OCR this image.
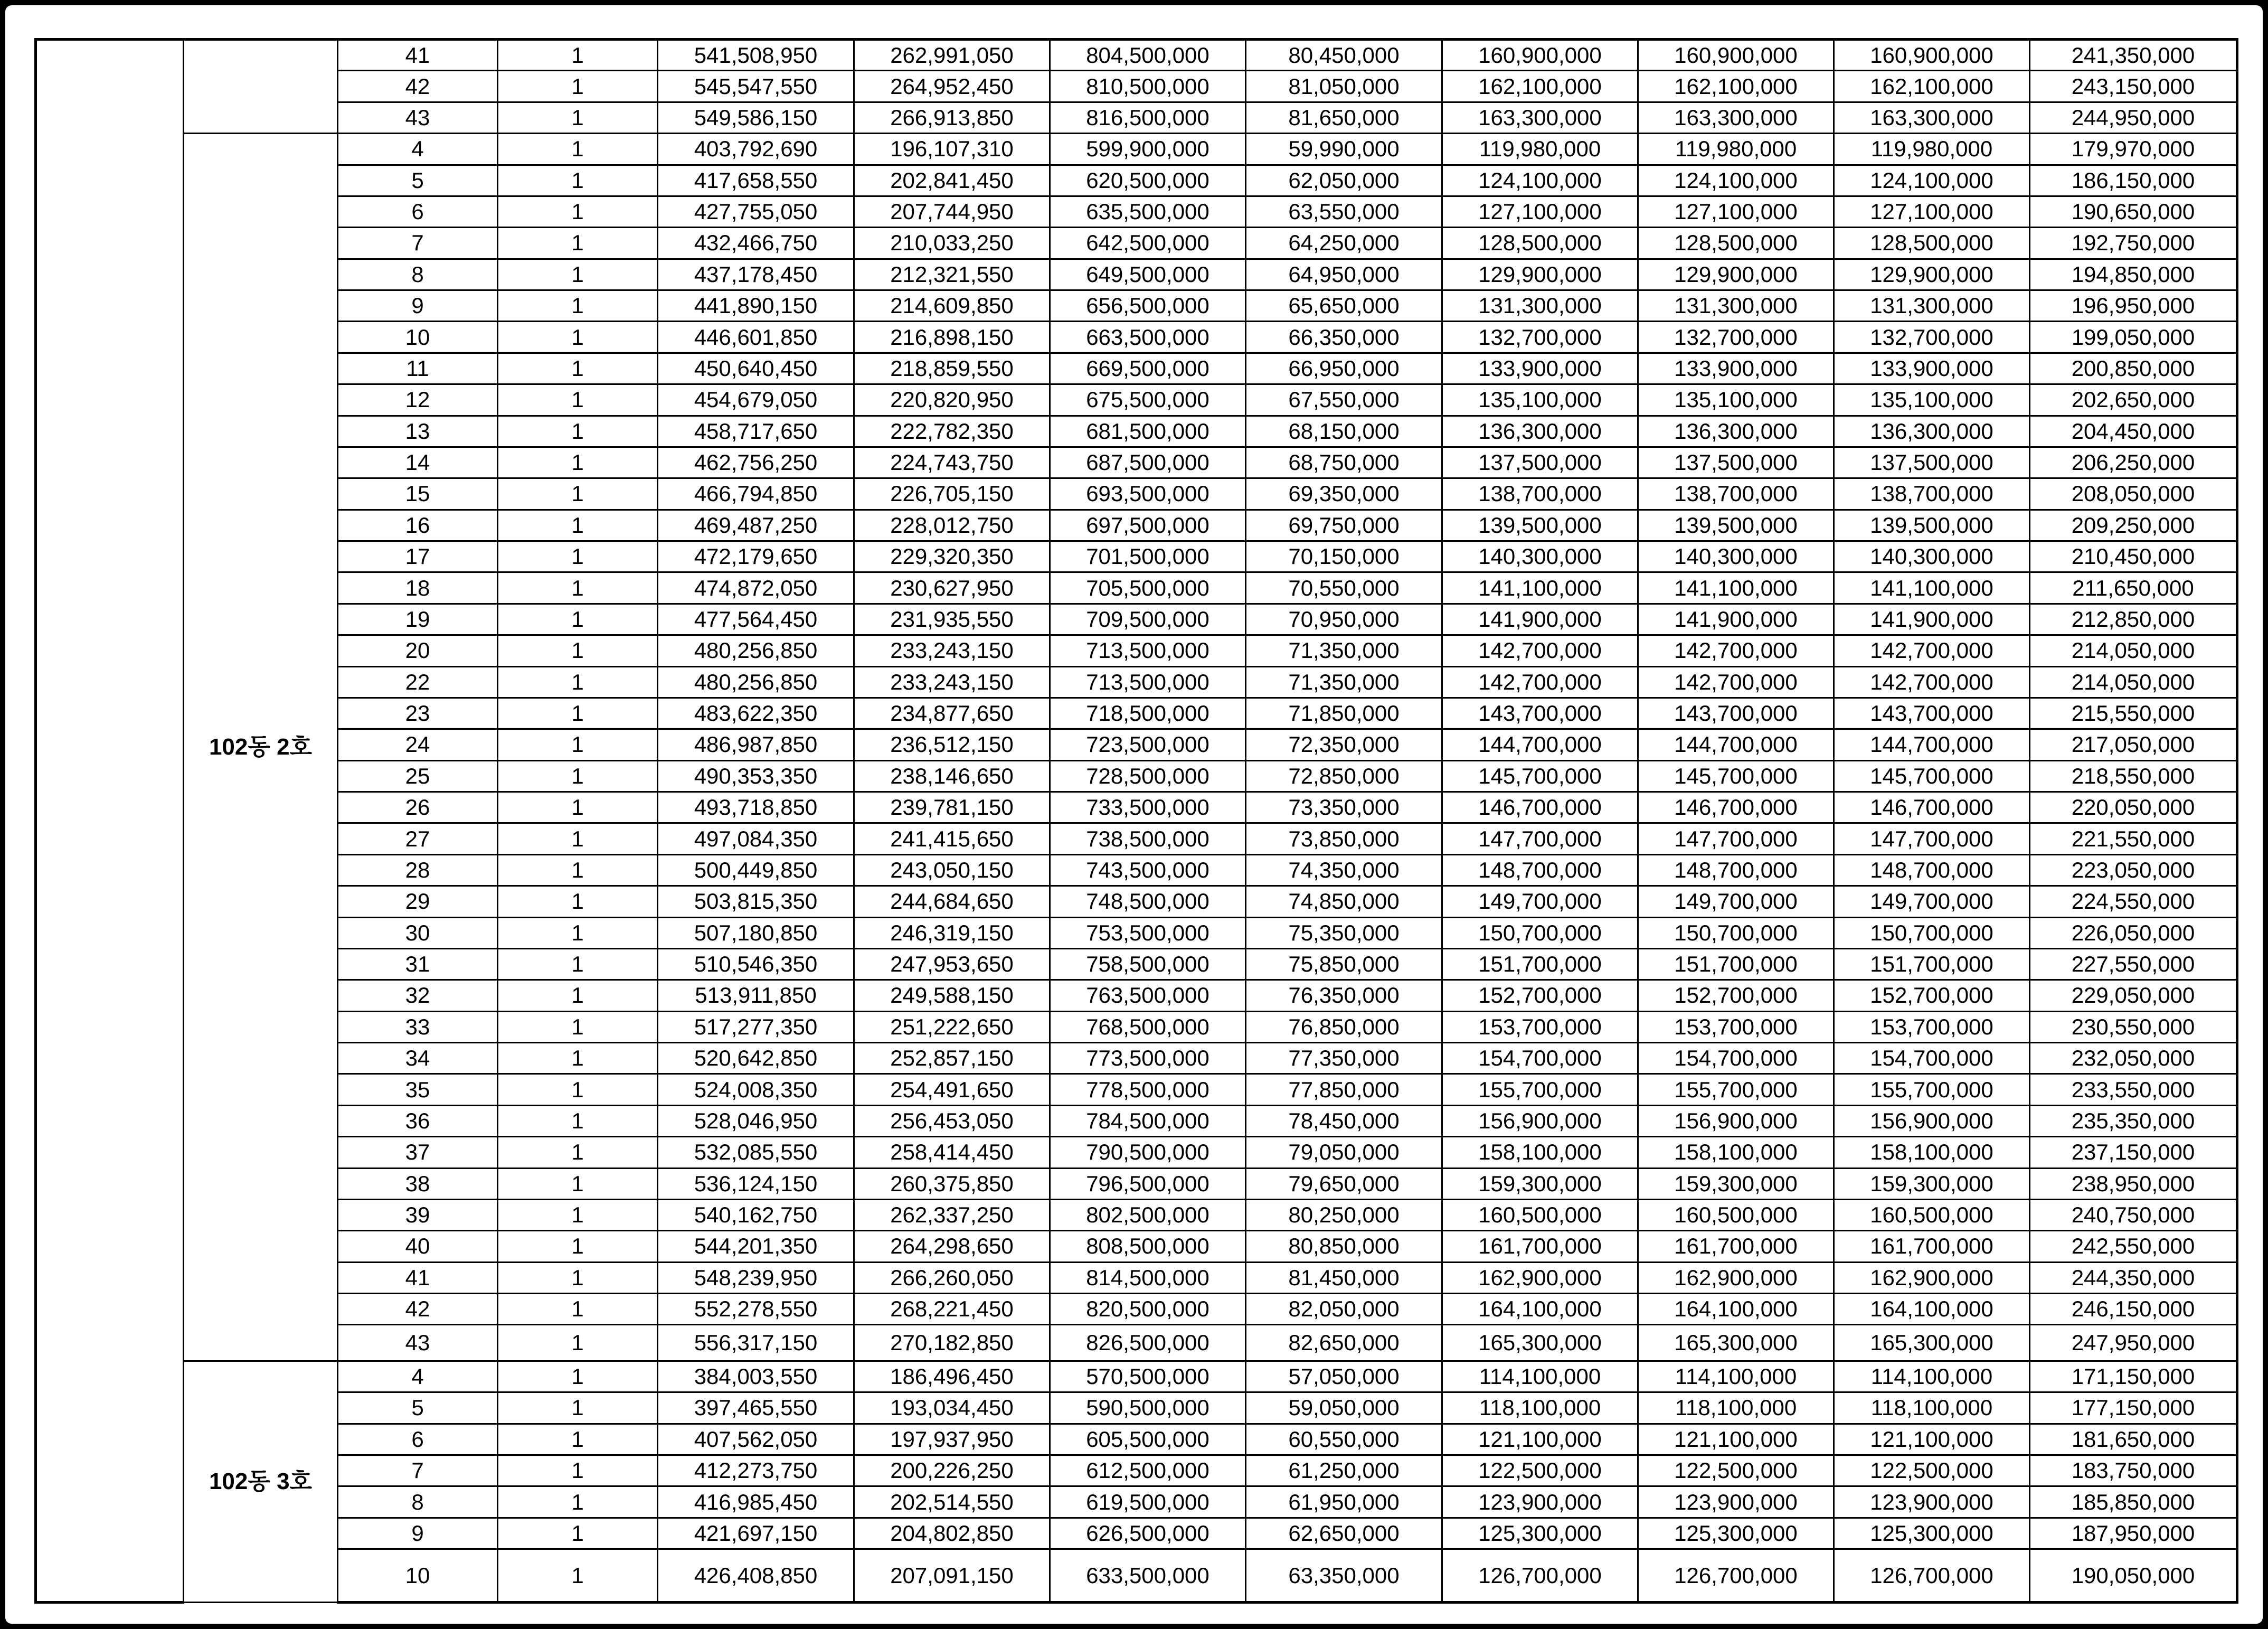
		41	1	541,508,950	262,991,050	804,500,000	80,450,000	160,900,000	160,900,000	160,900,000	241,350,000
		42	1	545,547,550	264,952,450	810,500,000	81,050,000	162,100,000	162,100,000	162,100,000	243,150,000
		43	1	549,586,150	266,913,850	816,500,000	81,650,000	163,300,000	163,300,000	163,300,000	244,950,000
	102동 2호	4	1	403,792,690	196,107,310	599,900,000	59,990,000	119,980,000	119,980,000	119,980,000	179,970,000
		5	1	417,658,550	202,841,450	620,500,000	62,050,000	124,100,000	124,100,000	124,100,000	186,150,000
		6	1	427,755,050	207,744,950	635,500,000	63,550,000	127,100,000	127,100,000	127,100,000	190,650,000
		7	1	432,466,750	210,033,250	642,500,000	64,250,000	128,500,000	128,500,000	128,500,000	192,750,000
		8	1	437,178,450	212,321,550	649,500,000	64,950,000	129,900,000	129,900,000	129,900,000	194,850,000
		9	1	441,890,150	214,609,850	656,500,000	65,650,000	131,300,000	131,300,000	131,300,000	196,950,000
		10	1	446,601,850	216,898,150	663,500,000	66,350,000	132,700,000	132,700,000	132,700,000	199,050,000
		11	1	450,640,450	218,859,550	669,500,000	66,950,000	133,900,000	133,900,000	133,900,000	200,850,000
		12	1	454,679,050	220,820,950	675,500,000	67,550,000	135,100,000	135,100,000	135,100,000	202,650,000
		13	1	458,717,650	222,782,350	681,500,000	68,150,000	136,300,000	136,300,000	136,300,000	204,450,000
		14	1	462,756,250	224,743,750	687,500,000	68,750,000	137,500,000	137,500,000	137,500,000	206,250,000
		15	1	466,794,850	226,705,150	693,500,000	69,350,000	138,700,000	138,700,000	138,700,000	208,050,000
		16	1	469,487,250	228,012,750	697,500,000	69,750,000	139,500,000	139,500,000	139,500,000	209,250,000
		17	1	472,179,650	229,320,350	701,500,000	70,150,000	140,300,000	140,300,000	140,300,000	210,450,000
		18	1	474,872,050	230,627,950	705,500,000	70,550,000	141,100,000	141,100,000	141,100,000	211,650,000
		19	1	477,564,450	231,935,550	709,500,000	70,950,000	141,900,000	141,900,000	141,900,000	212,850,000
		20	1	480,256,850	233,243,150	713,500,000	71,350,000	142,700,000	142,700,000	142,700,000	214,050,000
		22	1	480,256,850	233,243,150	713,500,000	71,350,000	142,700,000	142,700,000	142,700,000	214,050,000
		23	1	483,622,350	234,877,650	718,500,000	71,850,000	143,700,000	143,700,000	143,700,000	215,550,000
		24	1	486,987,850	236,512,150	723,500,000	72,350,000	144,700,000	144,700,000	144,700,000	217,050,000
		25	1	490,353,350	238,146,650	728,500,000	72,850,000	145,700,000	145,700,000	145,700,000	218,550,000
		26	1	493,718,850	239,781,150	733,500,000	73,350,000	146,700,000	146,700,000	146,700,000	220,050,000
		27	1	497,084,350	241,415,650	738,500,000	73,850,000	147,700,000	147,700,000	147,700,000	221,550,000
		28	1	500,449,850	243,050,150	743,500,000	74,350,000	148,700,000	148,700,000	148,700,000	223,050,000
		29	1	503,815,350	244,684,650	748,500,000	74,850,000	149,700,000	149,700,000	149,700,000	224,550,000
		30	1	507,180,850	246,319,150	753,500,000	75,350,000	150,700,000	150,700,000	150,700,000	226,050,000
		31	1	510,546,350	247,953,650	758,500,000	75,850,000	151,700,000	151,700,000	151,700,000	227,550,000
		32	1	513,911,850	249,588,150	763,500,000	76,350,000	152,700,000	152,700,000	152,700,000	229,050,000
		33	1	517,277,350	251,222,650	768,500,000	76,850,000	153,700,000	153,700,000	153,700,000	230,550,000
		34	1	520,642,850	252,857,150	773,500,000	77,350,000	154,700,000	154,700,000	154,700,000	232,050,000
		35	1	524,008,350	254,491,650	778,500,000	77,850,000	155,700,000	155,700,000	155,700,000	233,550,000
		36	1	528,046,950	256,453,050	784,500,000	78,450,000	156,900,000	156,900,000	156,900,000	235,350,000
		37	1	532,085,550	258,414,450	790,500,000	79,050,000	158,100,000	158,100,000	158,100,000	237,150,000
		38	1	536,124,150	260,375,850	796,500,000	79,650,000	159,300,000	159,300,000	159,300,000	238,950,000
		39	1	540,162,750	262,337,250	802,500,000	80,250,000	160,500,000	160,500,000	160,500,000	240,750,000
		40	1	544,201,350	264,298,650	808,500,000	80,850,000	161,700,000	161,700,000	161,700,000	242,550,000
		41	1	548,239,950	266,260,050	814,500,000	81,450,000	162,900,000	162,900,000	162,900,000	244,350,000
		42	1	552,278,550	268,221,450	820,500,000	82,050,000	164,100,000	164,100,000	164,100,000	246,150,000
		43	1	556,317,150	270,182,850	826,500,000	82,650,000	165,300,000	165,300,000	165,300,000	247,950,000
	102동 3호	4	1	384,003,550	186,496,450	570,500,000	57,050,000	114,100,000	114,100,000	114,100,000	171,150,000
		5	1	397,465,550	193,034,450	590,500,000	59,050,000	118,100,000	118,100,000	118,100,000	177,150,000
		6	1	407,562,050	197,937,950	605,500,000	60,550,000	121,100,000	121,100,000	121,100,000	181,650,000
		7	1	412,273,750	200,226,250	612,500,000	61,250,000	122,500,000	122,500,000	122,500,000	183,750,000
		8	1	416,985,450	202,514,550	619,500,000	61,950,000	123,900,000	123,900,000	123,900,000	185,850,000
		9	1	421,697,150	204,802,850	626,500,000	62,650,000	125,300,000	125,300,000	125,300,000	187,950,000
		10	1	426,408,850	207,091,150	633,500,000	63,350,000	126,700,000	126,700,000	126,700,000	190,050,000
